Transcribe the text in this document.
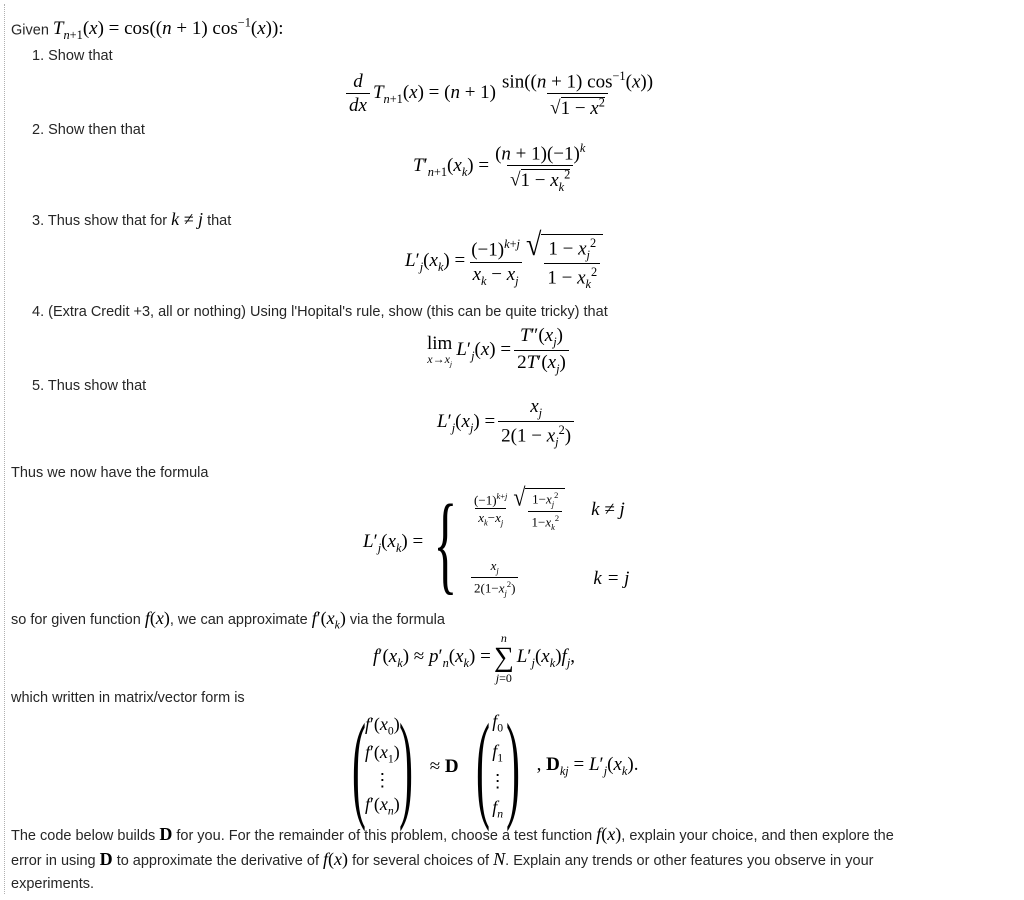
Given $T_{n+1}(x) = \cos((n + 1)$ $\cos^{-1}(x)$):
1. Show that
$\frac{d}{dx} T_{n+1}(x) = (n + 1) \frac{\sin((n + 1) \cos^{-1}(x))}{√1 - x^2}$
2. Show then that
$T'_{n+1}(x_k) = \frac{(n + 1)(-1)^k}{√1 - x_k^2}$
3. Thus show that for k ≠ j that
$L'_j(x_k) = \frac{(-1)^{k+j}}{x_k - x_j}$ √ $\frac{1 - x_j^2}{1 - x_k^2}$
4. (Extra Credit +3, all or nothing) Using l'Hopital's rule, show (this can be quite tricky) that
lim
$x\to x_j$
$L'_j(x) = \frac{T''(x_j)}{2T'(x_j)}$
5. Thus show that
$L'_j(x_j) = \frac{x_j}{2(1 - x_j^2)}$
Thus we now have the formula
$L'_j(x_k)$ = { $\frac{(-1)^{k+j}}{x_k-x_j}$ √ $\frac{1-x_j^2}{1-x_k^2}$ k ≠ j
$\frac{x_j}{2(1-x_j^2)}$	k = j
so for given function f(x), we can approximate $f'(x_k)$ via the formula
$f'(x_k) \approx p'_n(x_k)$ =
n
∑
j=0
$L'_j(x_k)f_j$,
which written in matrix/vector form is
(
$f'(x_0)$
$f'(x_1)$
⋮
$f'(x_n)$
) ≈ D ( $f_0$
$f_1$
⋮
$f_n$ ) , $D_{kj} = L'_j(x_k)$.
The code below builds D for you. For the remainder of this problem, choose a test function f(x), explain your choice, and then explore the
error in using D to approximate the derivative of f(x) for several choices of N. Explain any trends or other features you observe in your
experiments.
